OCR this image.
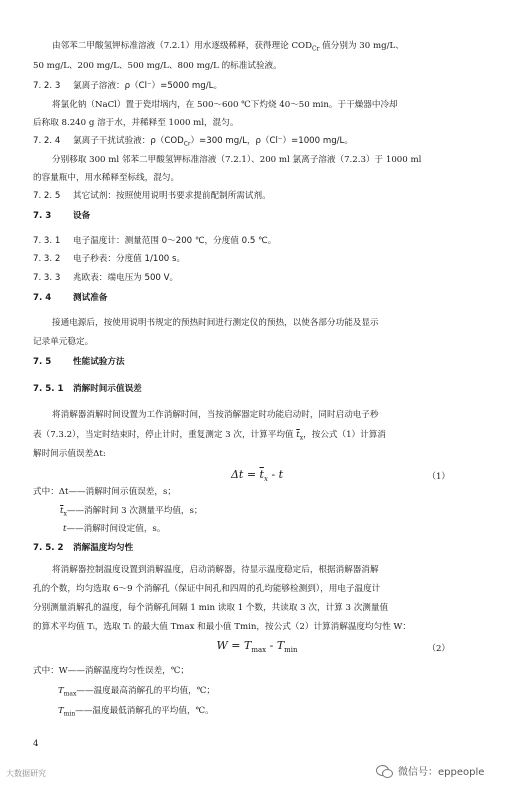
由邻苯二甲酸氢钾标准溶液（7.2.1）用水逐级稀释，获得理论 $COD_{Cr}$ 值分别为 30 mg/L、
50 mg/L、200 mg/L、500 mg/L、800 mg/L 的标准试验液。
7. 2. 3 氯离子溶液：ρ（Cl⁻）=5000 mg/L。
将氯化钠（NaCl）置于瓷坩埚内，在 500～600 ℃下灼烧 40～50 min。于干燥器中冷却
后称取 8.240 g 溶于水，并稀释至 1000 ml，混匀。
7. 2. 4 氯离子干扰试验液：$\rho(COD_{Cr})=300$ mg/L，ρ（Cl⁻）=1000 mg/L。
分别移取 300 ml 邻苯二甲酸氢钾标准溶液（7.2.1）、200 ml 氯离子溶液（7.2.3）于 1000 ml
的容量瓶中，用水稀释至标线，混匀。
7. 2. 5 其它试剂：按照使用说明书要求提前配制所需试剂。
7. 3	设备
7. 3. 1 电子温度计：测量范围 0～200 ℃，分度值 0.5 ℃。
7. 3. 2 电子秒表：分度值 1/100 s。
7. 3. 3 兆欧表：端电压为 500 V。
7. 4	测试准备
接通电源后，按使用说明书规定的预热时间进行测定仪的预热，以使各部分功能及显示
记录单元稳定。
7. 5	性能试验方法
7. 5. 1 消解时间示值误差
将消解器消解时间设置为工作消解时间，当按消解器定时功能启动时，同时启动电子秒
表（7.3.2），当定时结束时，停止计时，重复测定 3 次，计算平均值 $\overline{t}_x$，按公式（1）计算消
解时间示值误差Δt:
$\Delta t = \overline{t}_x - t$	（1）
式中：Δt——消解时间示值误差，s；
$\overline{t}_x——$消解时间 3 次测量平均值，s；
t——消解时间设定值，s。
7. 5. 2 消解温度均匀性
将消解器控制温度设置到消解温度，启动消解器，待显示温度稳定后，根据消解器消解
孔的个数，均匀选取 6～9 个消解孔（保证中间孔和四周的孔均能够检测到），用电子温度计
分别测量消解孔的温度，每个消解孔间隔 1 min 读取 1 个数，共读取 3 次，计算 3 次测量值
的算术平均值 Tᵢ，选取 Tᵢ 的最大值 Tmax 和最小值 Tmin，按公式（2）计算消解温度均匀性 W：
$W = T_{max} - T_{min}$	（2）
式中：W——消解温度均匀性误差，℃；
$T_{max}——$温度最高消解孔的平均值，℃；
$T_{min}——$温度最低消解孔的平均值，℃。
4
大数据研究	微信号：eppeople
